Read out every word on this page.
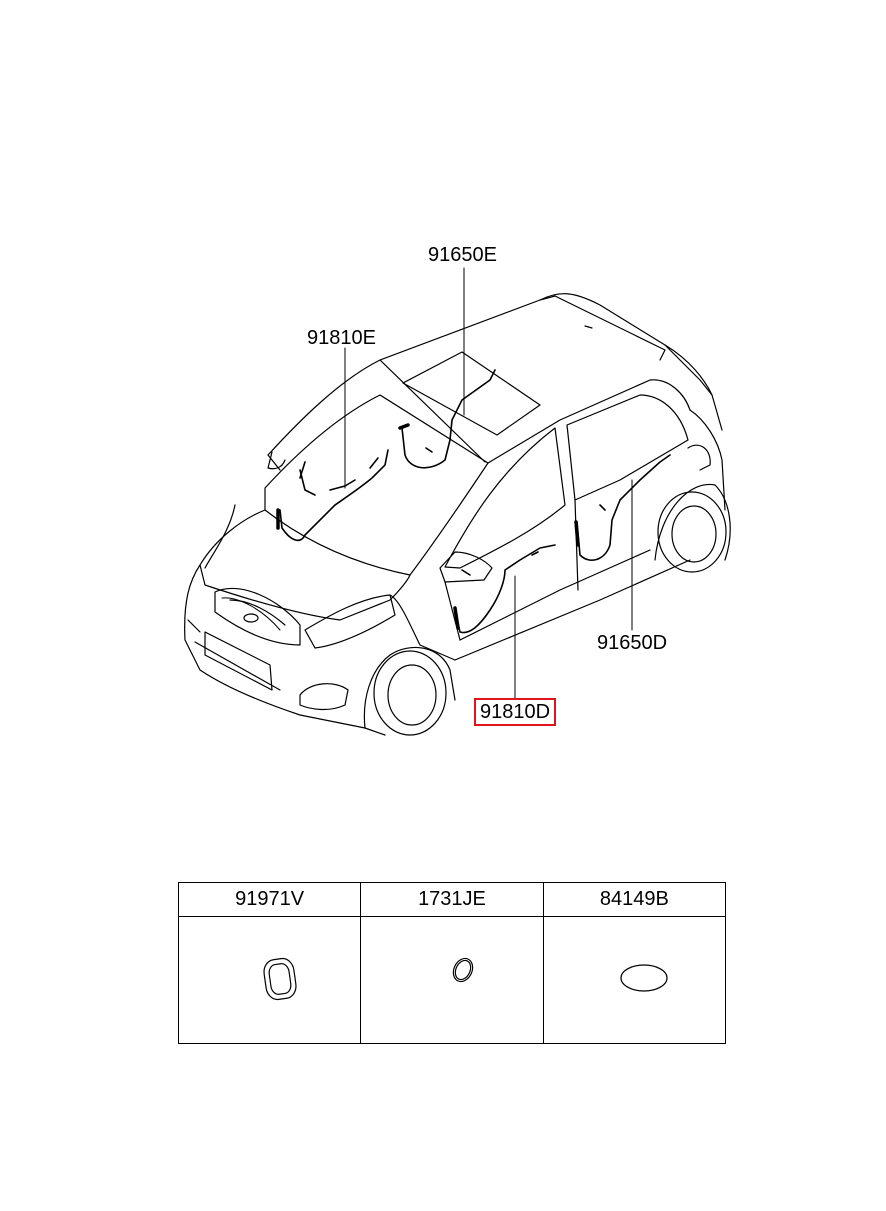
91650E
91810E
91650D
91810D
91971V	1731JE	84149B
